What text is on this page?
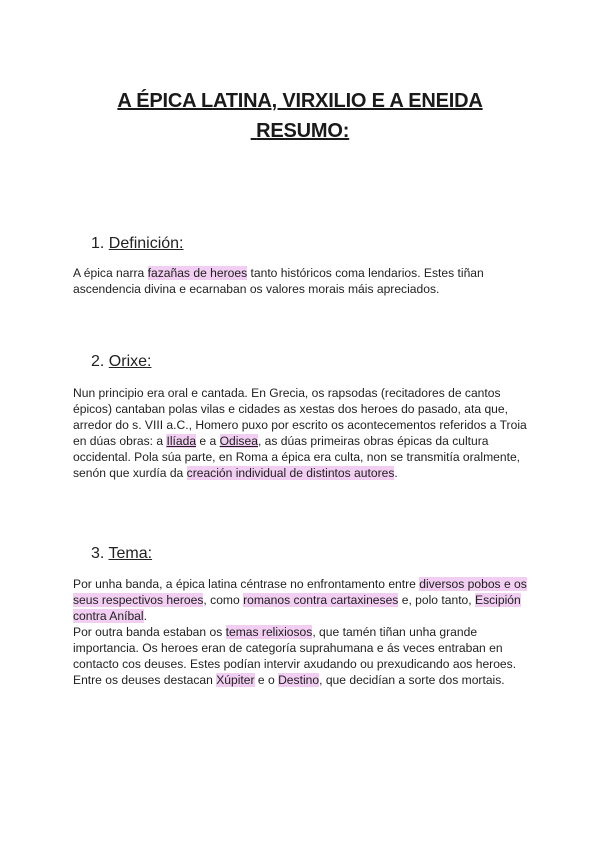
A ÉPICA LATINA, VIRXILIO E A ENEIDA
RESUMO:
1. Definición:
A épica narra fazañas de heroes tanto históricos coma lendarios. Estes tiñan
ascendencia divina e ecarnaban os valores morais máis apreciados.
2. Orixe:
Nun principio era oral e cantada. En Grecia, os rapsodas (recitadores de cantos
épicos) cantaban polas vilas e cidades as xestas dos heroes do pasado, ata que,
arredor do s. VIII a.C., Homero puxo por escrito os acontecementos referidos a Troia
en dúas obras: a Ilíada e a Odisea, as dúas primeiras obras épicas da cultura
occidental. Pola súa parte, en Roma a épica era culta, non se transmitía oralmente,
senón que xurdía da creación individual de distintos autores.
3. Tema:
Por unha banda, a épica latina céntrase no enfrontamento entre diversos pobos e os
seus respectivos heroes, como romanos contra cartaxineses e, polo tanto, Escipión
contra Aníbal.
Por outra banda estaban os temas relixiosos, que tamén tiñan unha grande
importancia. Os heroes eran de categoría suprahumana e ás veces entraban en
contacto cos deuses. Estes podían intervir axudando ou prexudicando aos heroes.
Entre os deuses destacan Xúpiter e o Destino, que decidían a sorte dos mortais.
